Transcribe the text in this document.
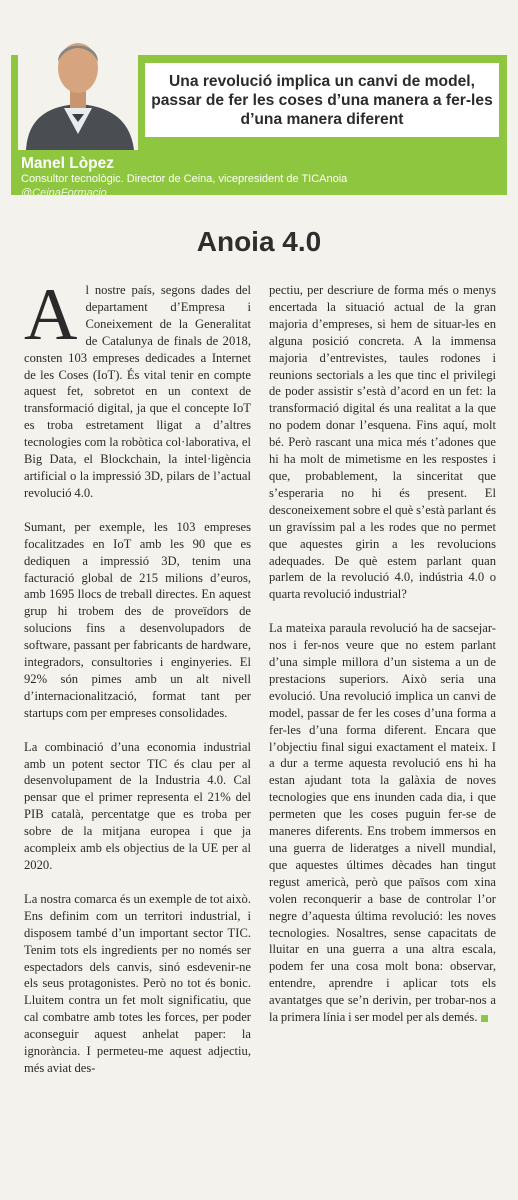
Una revolució implica un canvi de model, passar de fer les coses d’una manera a fer-les d’una manera diferent

Manel Lòpez
Consultor tecnològic. Director de Ceina, vicepresident de TICAnoia
@CeinaFormacio
Anoia 4.0

Al nostre país, segons dades del departament d’Empresa i Coneixement de la Generalitat de Catalunya de finals de 2018, consten 103 empreses dedicades a Internet de les Coses (IoT). És vital tenir en compte aquest fet, sobretot en un context de transformació digital, ja que el concepte IoT es troba estretament lligat a d’altres tecnologies com la robòtica col·laborativa, el Big Data, el Blockchain, la intel·ligència artificial o la impressió 3D, pilars de l’actual revolució 4.0.

Sumant, per exemple, les 103 empreses focalitzades en IoT amb les 90 que es dediquen a impressió 3D, tenim una facturació global de 215 milions d’euros, amb 1695 llocs de treball directes. En aquest grup hi trobem des de proveïdors de solucions fins a desenvolupadors de software, passant per fabricants de hardware, integradors, consultories i enginyeries. El 92% són pimes amb un alt nivell d’internacionalització, format tant per startups com per empreses consolidades.

La combinació d’una economia industrial amb un potent sector TIC és clau per al desenvolupament de la Industria 4.0. Cal pensar que el primer representa el 21% del PIB català, percentatge que es troba per sobre de la mitjana europea i que ja acompleix amb els objectius de la UE per al 2020.

La nostra comarca és un exemple de tot això. Ens definim com un territori industrial, i disposem també d’un important sector TIC. Tenim tots els ingredients per no només ser espectadors dels canvis, sinó esdevenir-ne els seus protagonistes. Però no tot és bonic. Lluitem contra un fet molt significatiu, que cal combatre amb totes les forces, per poder aconseguir aquest anhelat paper: la ignorància. I permeteu-me aquest adjectiu, més aviat des-

pectiu, per descriure de forma més o menys encertada la situació actual de la gran majoria d’empreses, si hem de situar-les en alguna posició concreta. A la immensa majoria d’entrevistes, taules rodones i reunions sectorials a les que tinc el privilegi de poder assistir s’està d’acord en un fet: la transformació digital és una realitat a la que no podem donar l’esquena. Fins aquí, molt bé. Però rascant una mica més t’adones que hi ha molt de mimetisme en les respostes i que, probablement, la sinceritat que s’esperaria no hi és present. El desconeixement sobre el què s’està parlant és un gravíssim pal a les rodes que no permet que aquestes girin a les revolucions adequades. De què estem parlant quan parlem de la revolució 4.0, indústria 4.0 o quarta revolució industrial?

La mateixa paraula revolució ha de sacsejar-nos i fer-nos veure que no estem parlant d’una simple millora d’un sistema a un de prestacions superiors. Això seria una evolució. Una revolució implica un canvi de model, passar de fer les coses d’una forma a fer-les d’una forma diferent. Encara que l’objectiu final sigui exactament el mateix. I a dur a terme aquesta revolució ens hi ha estan ajudant tota la galàxia de noves tecnologies que ens inunden cada dia, i que permeten que les coses puguin fer-se de maneres diferents. Ens trobem immersos en una guerra de lideratges a nivell mundial, que aquestes últimes dècades han tingut regust americà, però que països com xina volen reconquerir a base de controlar l’or negre d’aquesta última revolució: les noves tecnologies. Nosaltres, sense capacitats de lluitar en una guerra a una altra escala, podem fer una cosa molt bona: observar, entendre, aprendre i aplicar tots els avantatges que se’n derivin, per trobar-nos a la primera línia i ser model per als demés.
